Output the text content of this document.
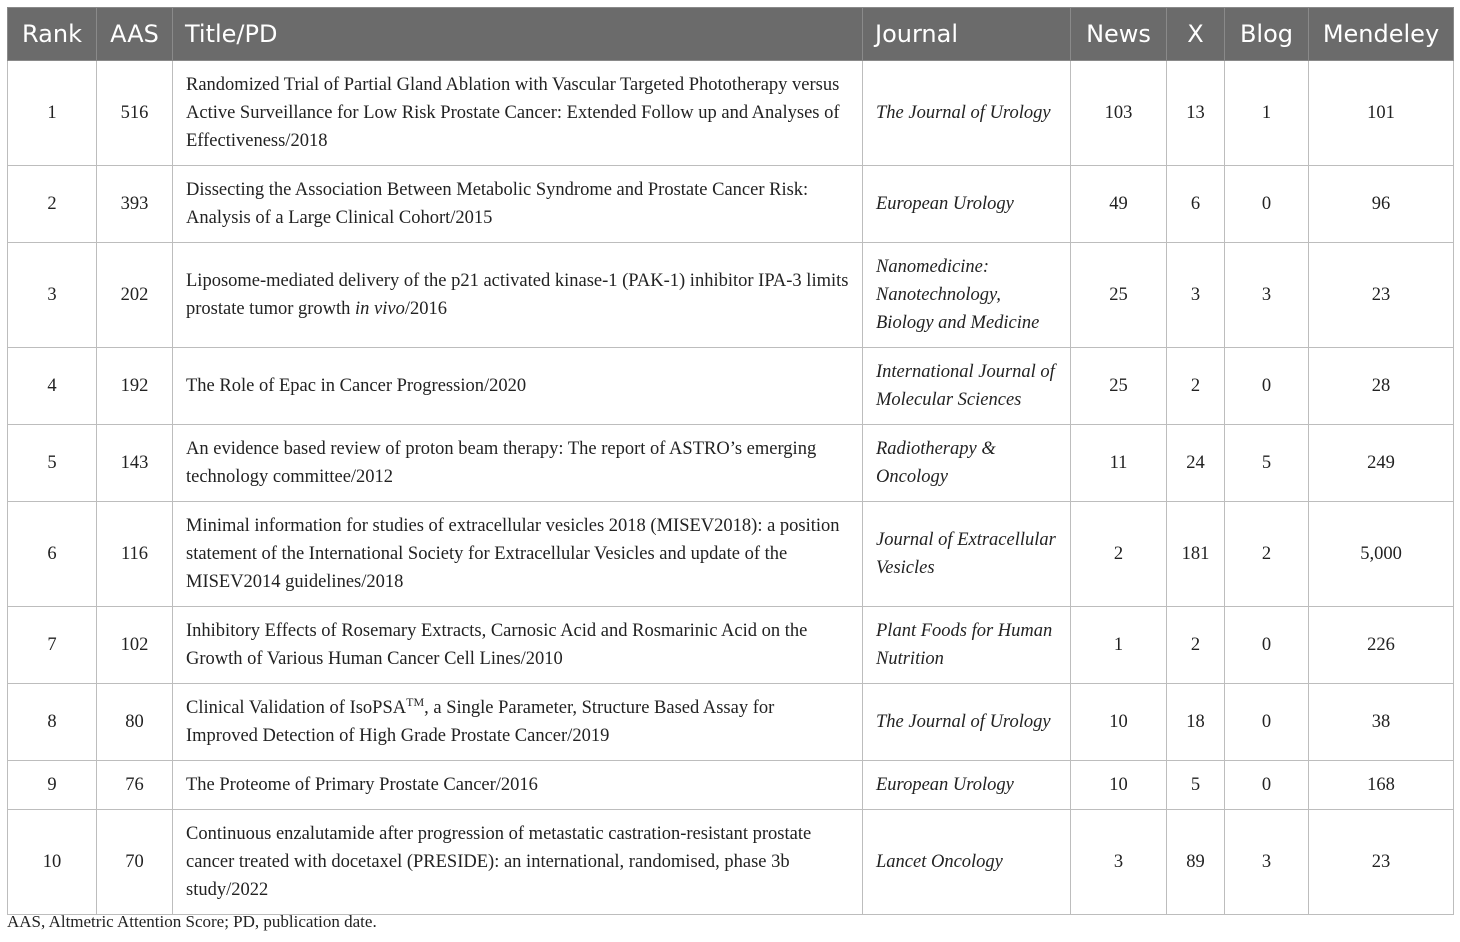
Rank	AAS	Title/PD	Journal	News	X	Blog	Mendeley
1	516	Randomized Trial of Partial Gland Ablation with Vascular Targeted Phototherapy versus Active Surveillance for Low Risk Prostate Cancer: Extended Follow up and Analyses of Effectiveness/2018	The Journal of Urology	103	13	1	101
2	393	Dissecting the Association Between Metabolic Syndrome and Prostate Cancer Risk: Analysis of a Large Clinical Cohort/2015	European Urology	49	6	0	96
3	202	Liposome-mediated delivery of the p21 activated kinase-1 (PAK-1) inhibitor IPA-3 limits prostate tumor growth in vivo/2016	Nanomedicine: Nanotechnology, Biology and Medicine	25	3	3	23
4	192	The Role of Epac in Cancer Progression/2020	International Journal of Molecular Sciences	25	2	0	28
5	143	An evidence based review of proton beam therapy: The report of ASTRO’s emerging technology committee/2012	Radiotherapy & Oncology	11	24	5	249
6	116	Minimal information for studies of extracellular vesicles 2018 (MISEV2018): a position statement of the International Society for Extracellular Vesicles and update of the MISEV2014 guidelines/2018	Journal of Extracellular Vesicles	2	181	2	5,000
7	102	Inhibitory Effects of Rosemary Extracts, Carnosic Acid and Rosmarinic Acid on the Growth of Various Human Cancer Cell Lines/2010	Plant Foods for Human Nutrition	1	2	0	226
8	80	Clinical Validation of IsoPSA™, a Single Parameter, Structure Based Assay for Improved Detection of High Grade Prostate Cancer/2019	The Journal of Urology	10	18	0	38
9	76	The Proteome of Primary Prostate Cancer/2016	European Urology	10	5	0	168
10	70	Continuous enzalutamide after progression of metastatic castration-resistant prostate cancer treated with docetaxel (PRESIDE): an international, randomised, phase 3b study/2022	Lancet Oncology	3	89	3	23
AAS, Altmetric Attention Score; PD, publication date.
